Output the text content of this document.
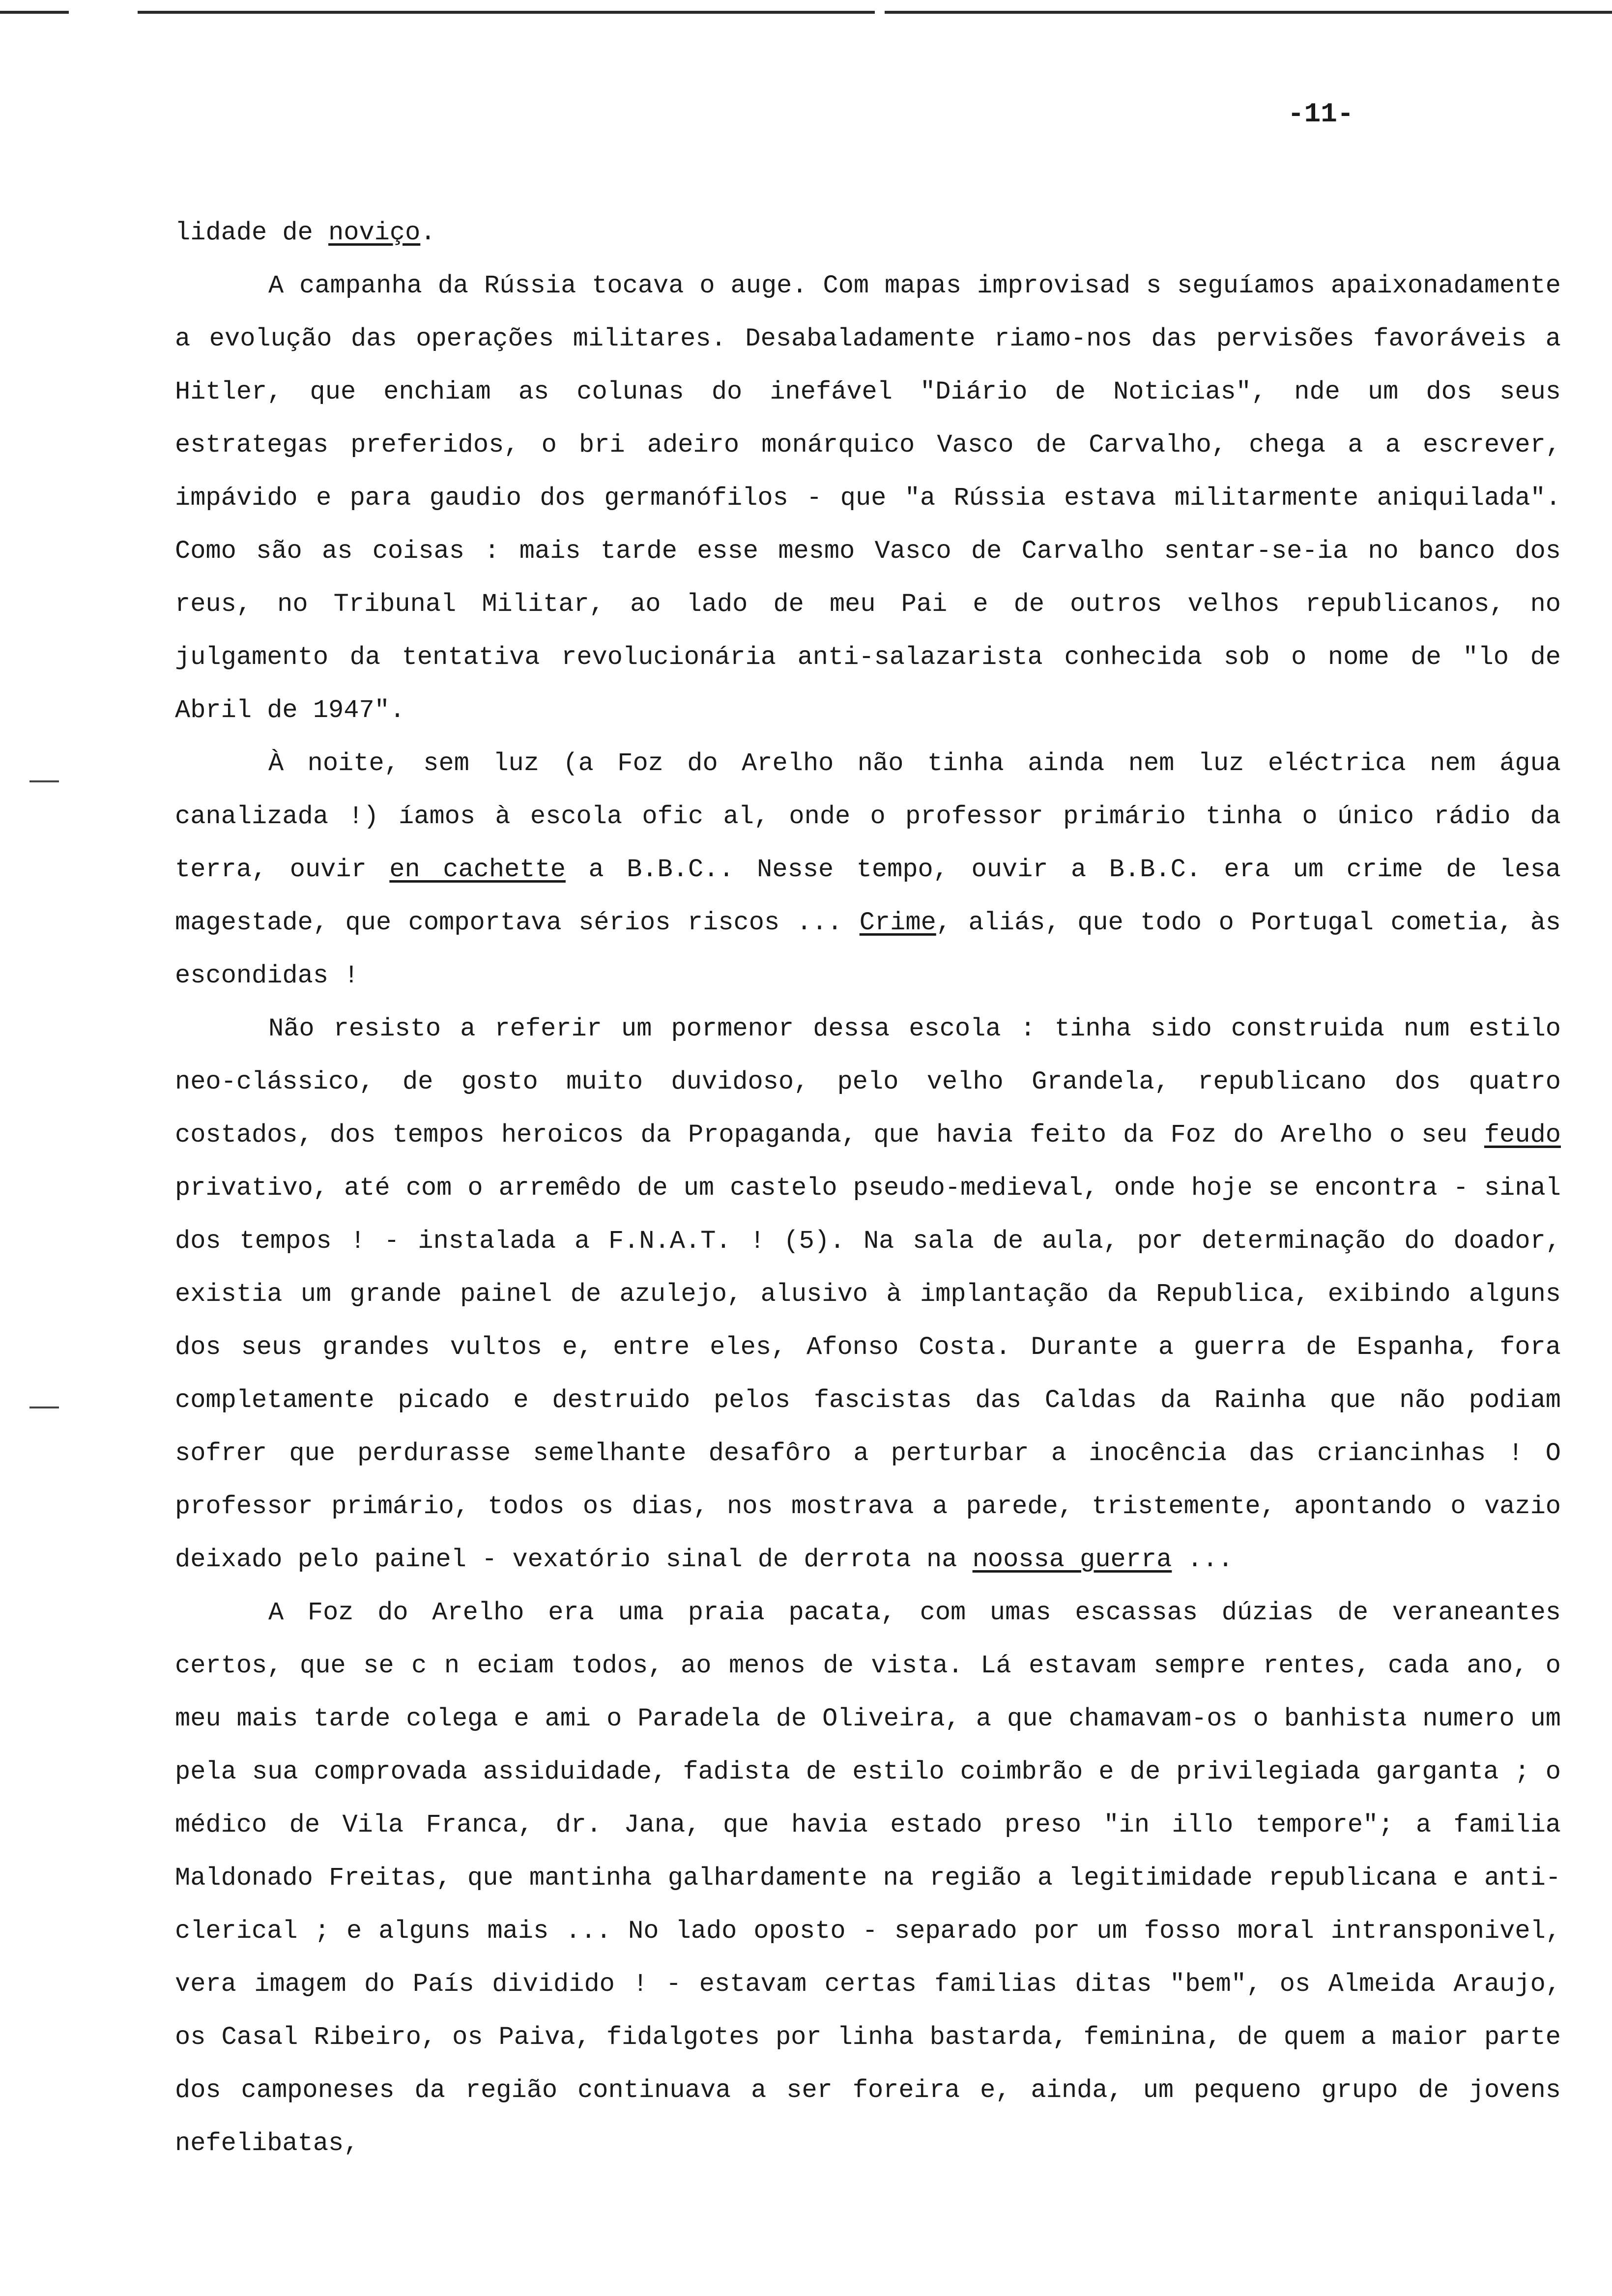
-11-

lidade de noviço.

A campanha da Rússia tocava o auge. Com mapas improvisad s seguíamos apaixonadamente a evolução das operações militares. Desabaladamente riamo-nos das pervisões favoráveis a Hitler, que enchiam as colunas do inefável "Diário de Noticias", nde um dos seus estrategas preferidos, o bri adeiro monárquico Vasco de Carvalho, chega a a escrever, impávido e para gaudio dos germanófilos - que "a Rússia estava militarmente aniquilada". Como são as coisas : mais tarde esse mesmo Vasco de Carvalho sentar-se-ia no banco dos reus, no Tribunal Militar, ao lado de meu Pai e de outros velhos republicanos, no julgamento da tentativa revolucionária anti-salazarista conhecida sob o nome de "lo de Abril de 1947".

À noite, sem luz (a Foz do Arelho não tinha ainda nem luz eléctrica nem água canalizada !) íamos à escola ofic al, onde o professor primário tinha o único rádio da terra, ouvir en cachette a B.B.C.. Nesse tempo, ouvir a B.B.C. era um crime de lesa magestade, que comportava sérios riscos ... Crime, aliás, que todo o Portugal cometia, às escondidas !

Não resisto a referir um pormenor dessa escola : tinha sido construida num estilo neo-clássico, de gosto muito duvidoso, pelo velho Grandela, republicano dos quatro costados, dos tempos heroicos da Propaganda, que havia feito da Foz do Arelho o seu feudo privativo, até com o arremêdo de um castelo pseudo-medieval, onde hoje se encontra - sinal dos tempos ! - instalada a F.N.A.T. ! (5). Na sala de aula, por determinação do doador, existia um grande painel de azulejo, alusivo à implantação da Republica, exibindo alguns dos seus grandes vultos e, entre eles, Afonso Costa. Durante a guerra de Espanha, fora completamente picado e destruido pelos fascistas das Caldas da Rainha que não podiam sofrer que perdurasse semelhante desafôro a perturbar a inocência das criancinhas ! O professor primário, todos os dias, nos mostrava a parede, tristemente, apontando o vazio deixado pelo painel - vexatório sinal de derrota na noossa guerra ...

A Foz do Arelho era uma praia pacata, com umas escassas dúzias de veraneantes certos, que se c n eciam todos, ao menos de vista. Lá estavam sempre rentes, cada ano, o meu mais tarde colega e ami o Paradela de Oliveira, a que chamavam-os o banhista numero um pela sua comprovada assiduidade, fadista de estilo coimbrão e de privilegiada garganta ; o médico de Vila Franca, dr. Jana, que havia estado preso "in illo tempore"; a familia Maldonado Freitas, que mantinha galhardamente na região a legitimidade republicana e anti-clerical ; e alguns mais ... No lado oposto - separado por um fosso moral intransponivel, vera imagem do País dividido ! - estavam certas familias ditas "bem", os Almeida Araujo, os Casal Ribeiro, os Paiva, fidalgotes por linha bastarda, feminina, de quem a maior parte dos camponeses da região continuava a ser foreira e, ainda, um pequeno grupo de jovens nefelibatas,
